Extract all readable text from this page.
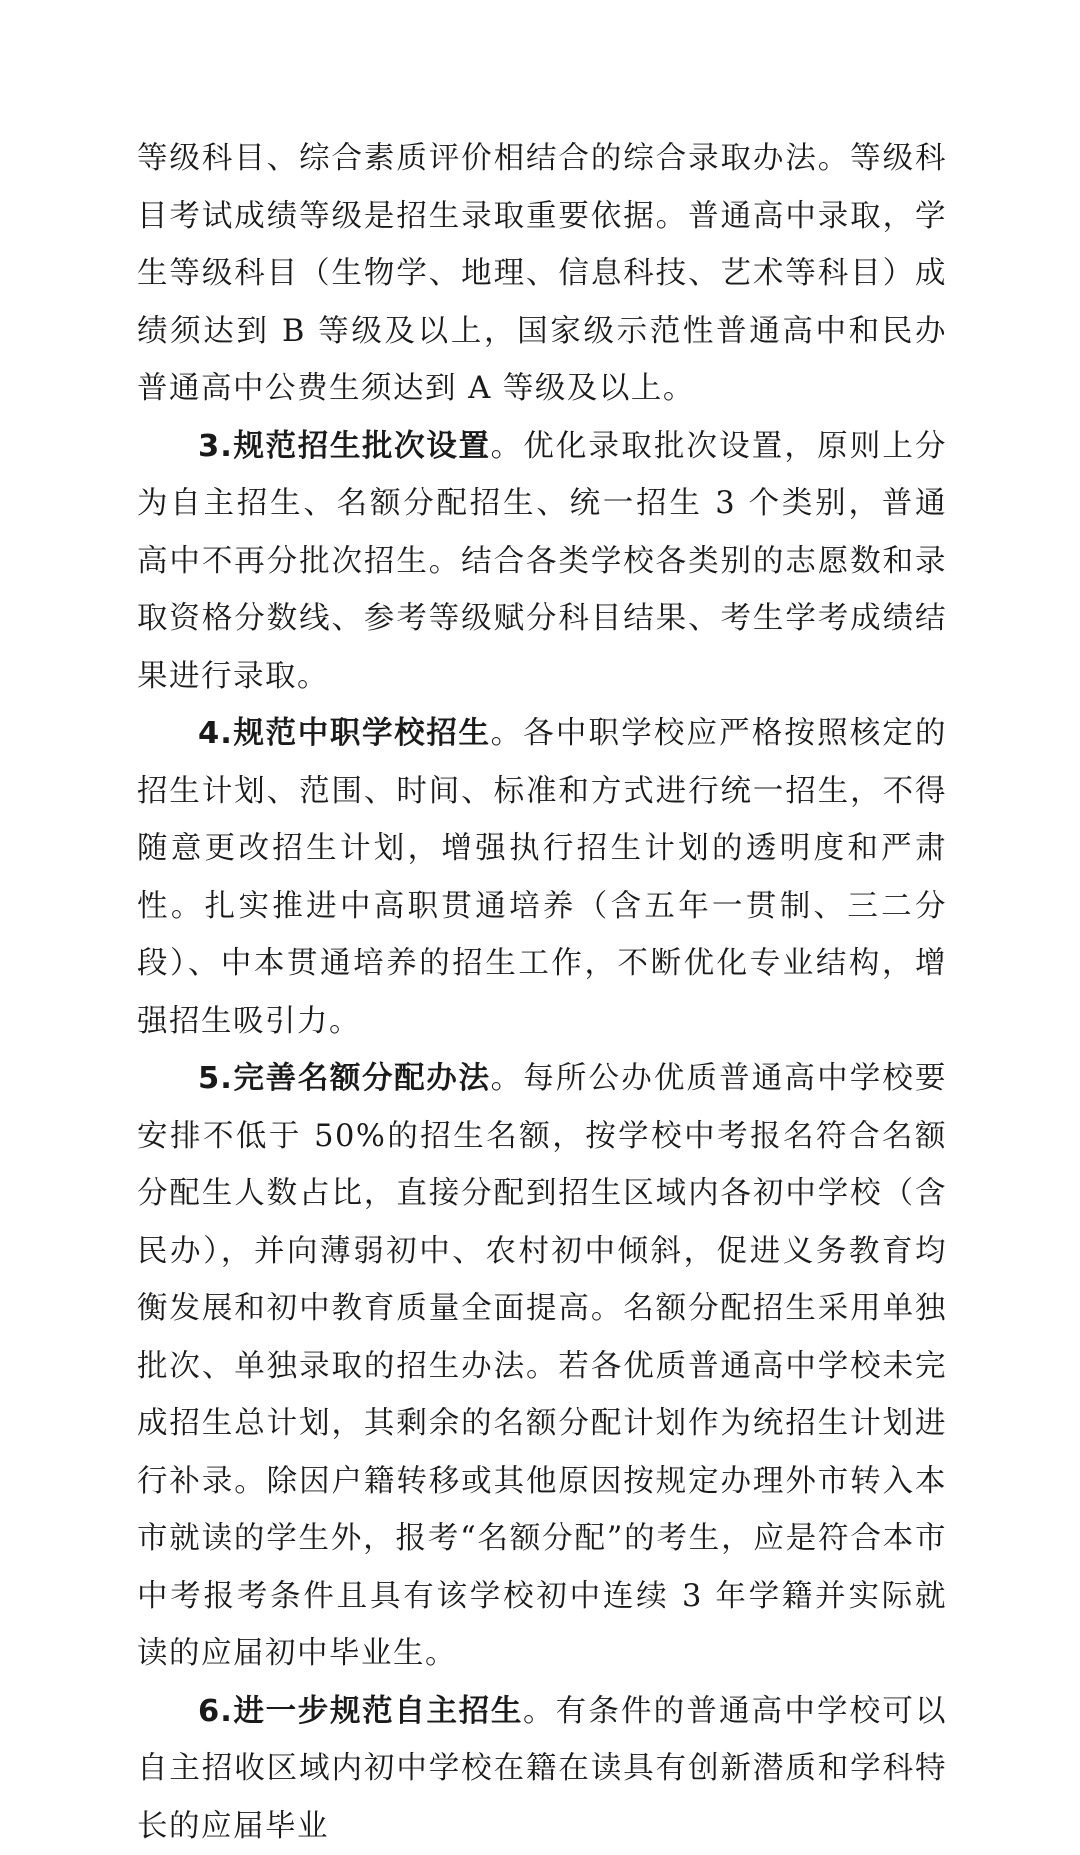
等级科目、综合素质评价相结合的综合录取办法。等级科目考试成绩等级是招生录取重要依据。普通高中录取，学生等级科目（生物学、地理、信息科技、艺术等科目）成绩须达到 B 等级及以上，国家级示范性普通高中和民办普通高中公费生须达到 A 等级及以上。

3.规范招生批次设置。优化录取批次设置，原则上分为自主招生、名额分配招生、统一招生 3 个类别，普通高中不再分批次招生。结合各类学校各类别的志愿数和录取资格分数线、参考等级赋分科目结果、考生学考成绩结果进行录取。

4.规范中职学校招生。各中职学校应严格按照核定的招生计划、范围、时间、标准和方式进行统一招生，不得随意更改招生计划，增强执行招生计划的透明度和严肃性。扎实推进中高职贯通培养（含五年一贯制、三二分段）、中本贯通培养的招生工作，不断优化专业结构，增强招生吸引力。

5.完善名额分配办法。每所公办优质普通高中学校要安排不低于 50%的招生名额，按学校中考报名符合名额分配生人数占比，直接分配到招生区域内各初中学校（含民办），并向薄弱初中、农村初中倾斜，促进义务教育均衡发展和初中教育质量全面提高。名额分配招生采用单独批次、单独录取的招生办法。若各优质普通高中学校未完成招生总计划，其剩余的名额分配计划作为统招生计划进行补录。除因户籍转移或其他原因按规定办理外市转入本市就读的学生外，报考“名额分配”的考生，应是符合本市中考报考条件且具有该学校初中连续 3 年学籍并实际就读的应届初中毕业生。

6.进一步规范自主招生。有条件的普通高中学校可以自主招收区域内初中学校在籍在读具有创新潜质和学科特长的应届毕业
